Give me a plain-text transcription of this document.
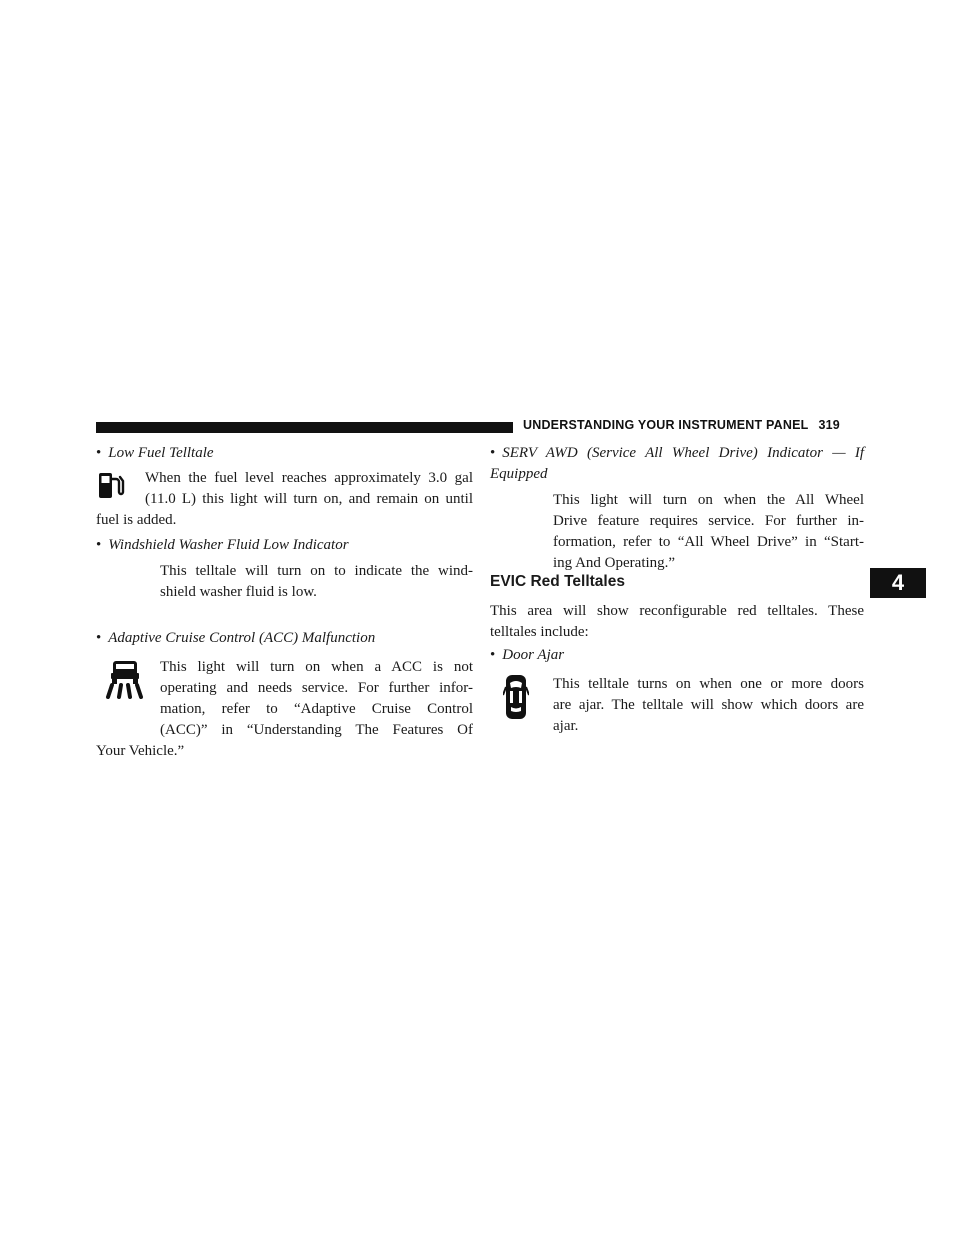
UNDERSTANDING YOUR INSTRUMENT PANEL 319
4
• Low Fuel Telltale
When the fuel level reaches approximately 3.0 gal
(11.0 L) this light will turn on, and remain on until
fuel is added.
• Windshield Washer Fluid Low Indicator
This telltale will turn on to indicate the wind-
shield washer fluid is low.
• Adaptive Cruise Control (ACC) Malfunction
This light will turn on when a ACC is not
operating and needs service. For further infor-
mation, refer to “Adaptive Cruise Control
(ACC)” in “Understanding The Features Of
Your Vehicle.”
• SERV AWD (Service All Wheel Drive) Indicator — If
Equipped
This light will turn on when the All Wheel
Drive feature requires service. For further in-
formation, refer to “All Wheel Drive” in “Start-
ing And Operating.”
EVIC Red Telltales
This area will show reconfigurable red telltales. These
telltales include:
• Door Ajar
This telltale turns on when one or more doors
are ajar. The telltale will show which doors are
ajar.
